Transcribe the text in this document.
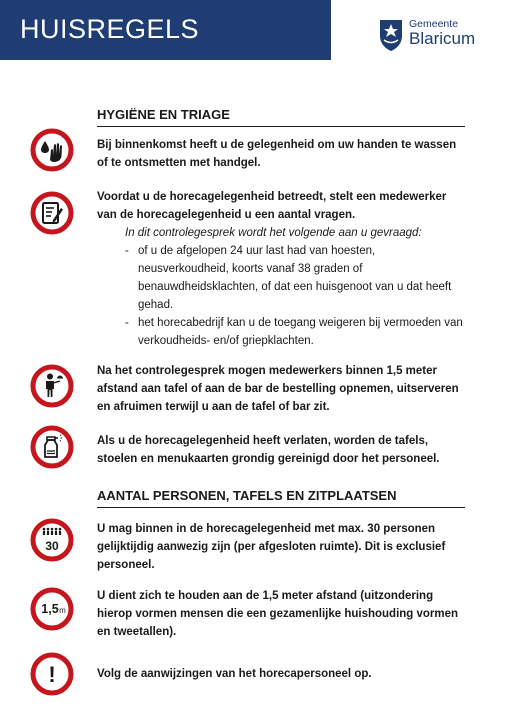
HUISREGELS	Gemeente
Blaricum
HYGIËNE EN TRIAGE
Bij binnenkomst heeft u de gelegenheid om uw handen te wassen of te ontsmetten met handgel.
Voordat u de horecagelegenheid betreedt, stelt een medewerker van de horecagelegenheid u een aantal vragen.
In dit controlegesprek wordt het volgende aan u gevraagd:
- of u de afgelopen 24 uur last had van hoesten, neusverkoudheid, koorts vanaf 38 graden of benauwdheidsklachten, of dat een huisgenoot van u dat heeft gehad.
- het horecabedrijf kan u de toegang weigeren bij vermoeden van verkoudheids- en/of griepklachten.
Na het controlegesprek mogen medewerkers binnen 1,5 meter afstand aan tafel of aan de bar de bestelling opnemen, uitserveren en afruimen terwijl u aan de tafel of bar zit.
Als u de horecagelegenheid heeft verlaten, worden de tafels, stoelen en menukaarten grondig gereinigd door het personeel.
AANTAL PERSONEN, TAFELS EN ZITPLAATSEN
30
U mag binnen in de horecagelegenheid met max. 30 personen gelijktijdig aanwezig zijn (per afgesloten ruimte). Dit is exclusief personeel.
1,5 m
U dient zich te houden aan de 1,5 meter afstand (uitzondering hierop vormen mensen die een gezamenlijke huishouding vormen en tweetallen).
!	Volg de aanwijzingen van het horecapersoneel op.
